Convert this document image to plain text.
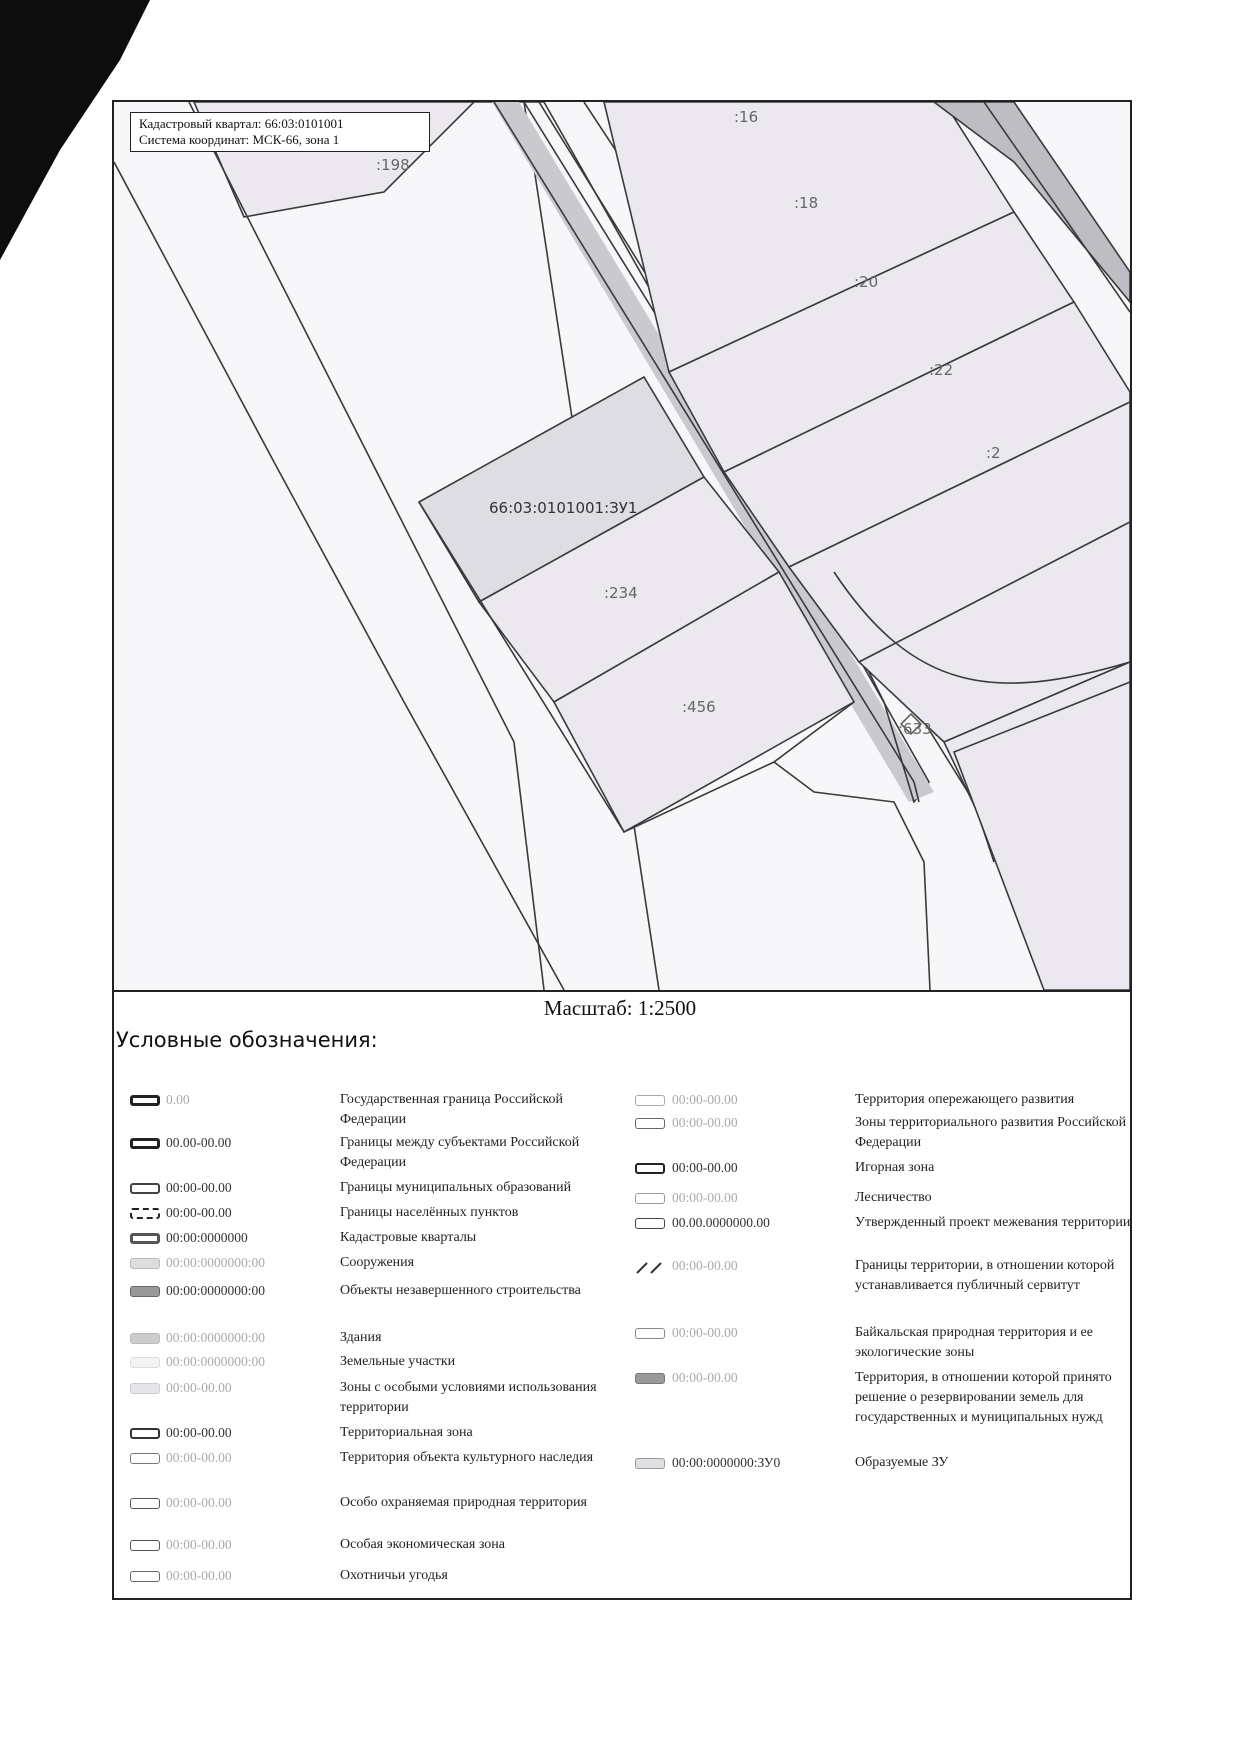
:198
:16
:18
:20
:22
:2
66:03:0101001:ЗУ1
:234
:456
:633
Кадастровый квартал: 66:03:0101001
Система координат: МСК-66, зона 1
Масштаб: 1:2500
Условные обозначения:
0.00	Государственная граница Российской Федерации
00.00-00.00	Границы между субъектами Российской Федерации
00:00-00.00	Границы муниципальных образований
00:00-00.00	Границы населённых пунктов
00:00:0000000	Кадастровые кварталы
00:00:0000000:00	Сооружения
00:00:0000000:00	Объекты незавершенного строительства
00:00:0000000:00	Здания
00:00:0000000:00	Земельные участки
00:00-00.00	Зоны с особыми условиями использования территории
00:00-00.00	Территориальная зона
00:00-00.00	Территория объекта культурного наследия
00:00-00.00	Особо охраняемая природная территория
00:00-00.00	Особая экономическая зона
00:00-00.00	Охотничьи угодья
00:00-00.00	Территория опережающего развития
00:00-00.00	Зоны территориального развития Российской Федерации
00:00-00.00	Игорная зона
00:00-00.00	Лесничество
00.00.0000000.00	Утвержденный проект межевания территории
00:00-00.00	Границы территории, в отношении которой устанавливается публичный сервитут
00:00-00.00	Байкальская природная территория и ее экологические зоны
00:00-00.00	Территория, в отношении которой принято решение о резервировании земель для государственных и муниципальных нужд
00:00:0000000:ЗУ0	Образуемые ЗУ
